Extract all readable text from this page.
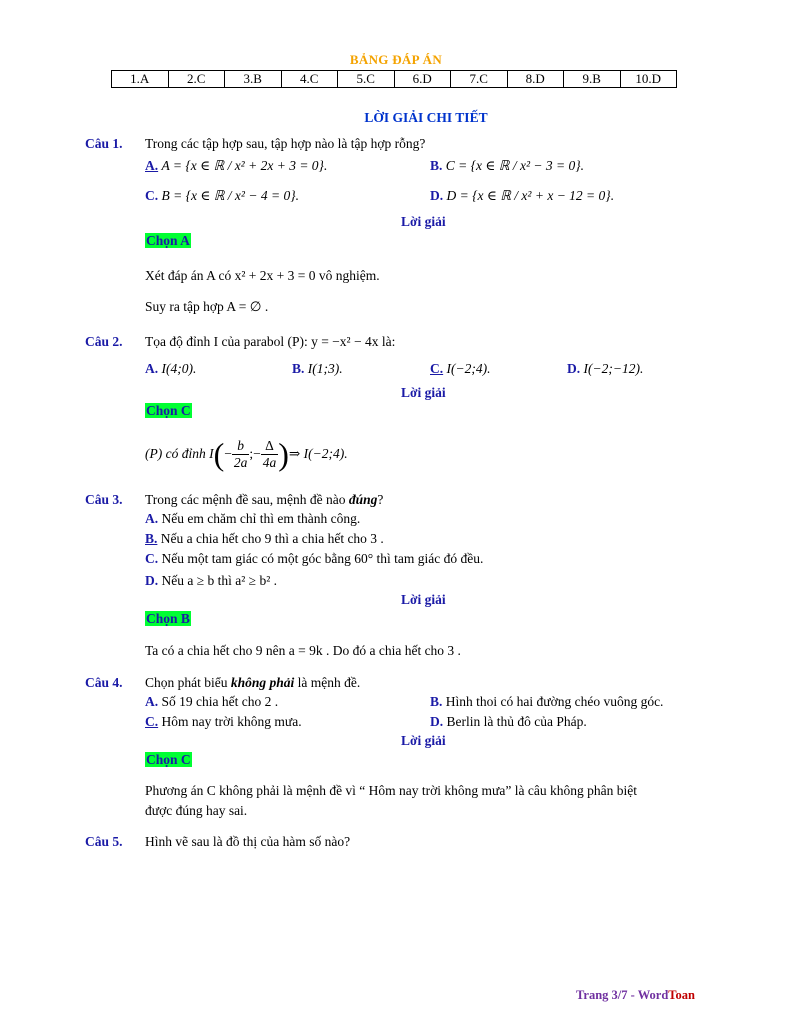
BẢNG ĐÁP ÁN
1.A	2.C	3.B	4.C	5.C	6.D	7.C	8.D	9.B	10.D
LỜI GIẢI CHI TIẾT
Câu 1. Trong các tập hợp sau, tập hợp nào là tập hợp rỗng?
A. A = {x ∈ ℝ / x² + 2x + 3 = 0}.	B. C = {x ∈ ℝ / x² − 3 = 0}.
C. B = {x ∈ ℝ / x² − 4 = 0}.	D. D = {x ∈ ℝ / x² + x − 12 = 0}.
Lời giải
Chọn A
Xét đáp án A có x² + 2x + 3 = 0 vô nghiệm.
Suy ra tập hợp A = ∅ .
Câu 2. Tọa độ đỉnh I của parabol (P): y = −x² − 4x là:
A. I(4;0).	B. I(1;3).	C. I(−2;4).	D. I(−2;−12).
Lời giải
Chọn C
(P) có đỉnh I ( − $\frac{b}{2a}$ ;− $\frac{\Delta}{4a}$ ) ⇒ I(−2;4).
Câu 3. Trong các mệnh đề sau, mệnh đề nào đúng?
A. Nếu em chăm chỉ thì em thành công.
B. Nếu a chia hết cho 9 thì a chia hết cho 3 .
C. Nếu một tam giác có một góc bằng 60° thì tam giác đó đều.
D. Nếu a ≥ b thì a² ≥ b² .
Lời giải
Chọn B
Ta có a chia hết cho 9 nên a = 9k . Do đó a chia hết cho 3 .
Câu 4. Chọn phát biểu không phải là mệnh đề.
A. Số 19 chia hết cho 2 .	B. Hình thoi có hai đường chéo vuông góc.
C. Hôm nay trời không mưa.	D. Berlin là thủ đô của Pháp.
Lời giải
Chọn C
Phương án C không phải là mệnh đề vì “ Hôm nay trời không mưa” là câu không phân biệt
được đúng hay sai.
Câu 5. Hình vẽ sau là đồ thị của hàm số nào?
Trang 3/7 - WordToan
